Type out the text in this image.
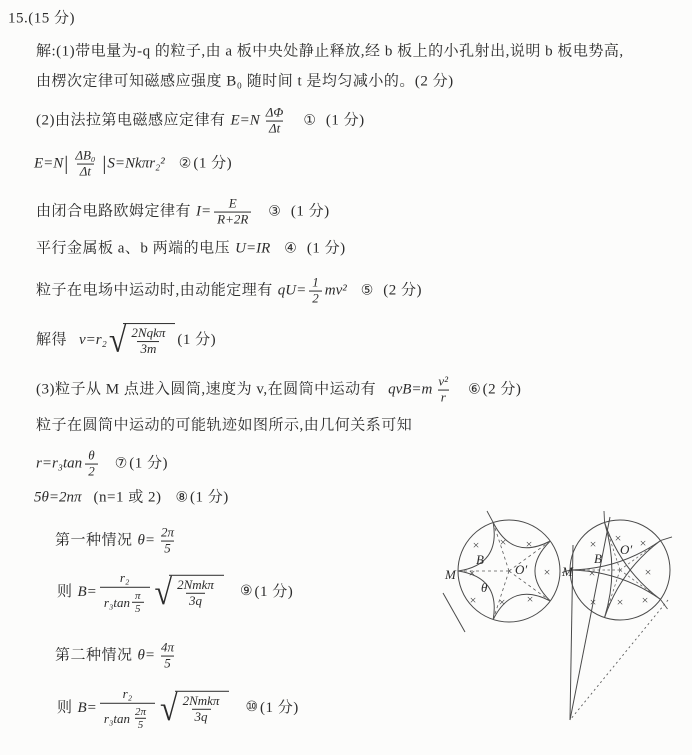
15.(15 分)
解:(1)带电量为-q 的粒子,由 a 板中央处静止释放,经 b 板上的小孔射出,说明 b 板电势高,
由楞次定律可知磁感应强度 B₀ 随时间 t 是均匀减小的。(2 分)
(2)由法拉第电磁感应定律有 $E=N \frac{\Delta\Phi}{\Delta t}$ ① (1 分)
E=N | $\frac{\text{ΔB₀}}{\Delta t}$ | S=Nkπr₂² ② (1 分)
由闭合电路欧姆定律有 $I= \frac{E}{R+2R}$ ③ (1 分)
平行金属板 a、b 两端的电压 U=IR ④ (1 分)
粒子在电场中运动时,由动能定理有 $qU= \frac{1}{2} mv^2$ ⑤ (2 分)
解得 v=r₂ √ $\frac{\text{2Nqkπ}}{3m} (1$ 分)
(3)粒子从 M 点进入圆筒,速度为 v,在圆筒中运动有 $qvB=m \frac{\text{v²}}{r}$ ⑥ (2 分)
粒子在圆筒中运动的可能轨迹如图所示,由几何关系可知
$r=r_3\tan \frac{\theta}{2}$ ⑦ (1 分)
5θ=2nπ (n=1 或 2) ⑧ (1 分)
第一种情况 $\theta= \frac{2\pi}{5}$
则 $B= \frac{\text{r₂}}{r_3\tan \frac{\pi}{5}}$ √ $\frac{\text{2Nmkπ}}{3q}$ ⑨ (1 分)
第二种情况 $\theta= \frac{4\pi}{5}$
则 $B= \frac{\text{r₂}}{r_3\tan \frac{2\pi}{5}}$ √ $\frac{\text{2Nmkπ}}{3q}$ ⑩ (1 分)
× × ×
×	×
× × ×
M
B
O′
θ
× × ×
×	×
× × ×
M
B
O′
